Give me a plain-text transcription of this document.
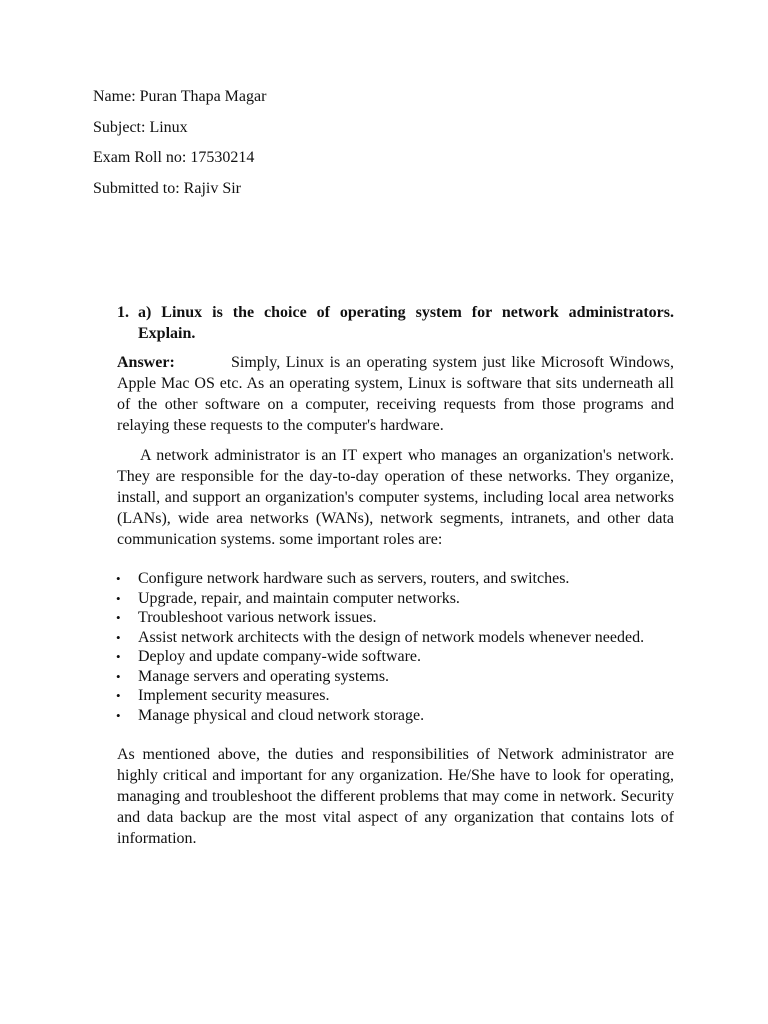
Name: Puran Thapa Magar
Subject: Linux
Exam Roll no: 17530214
Submitted to: Rajiv Sir
1. a) Linux is the choice of operating system for network administrators. Explain.

Answer:	Simply, Linux is an operating system just like Microsoft Windows, Apple Mac OS etc. As an operating system, Linux is software that sits underneath all of the other software on a computer, receiving requests from those programs and relaying these requests to the computer's hardware.

A network administrator is an IT expert who manages an organization's network. They are responsible for the day-to-day operation of these networks. They organize, install, and support an organization's computer systems, including local area networks (LANs), wide area networks (WANs), network segments, intranets, and other data communication systems. some important roles are:

• Configure network hardware such as servers, routers, and switches.
• Upgrade, repair, and maintain computer networks.
• Troubleshoot various network issues.
• Assist network architects with the design of network models whenever needed.
• Deploy and update company-wide software.
• Manage servers and operating systems.
• Implement security measures.
• Manage physical and cloud network storage.

As mentioned above, the duties and responsibilities of Network administrator are highly critical and important for any organization. He/She have to look for operating, managing and troubleshoot the different problems that may come in network. Security and data backup are the most vital aspect of any organization that contains lots of information.
